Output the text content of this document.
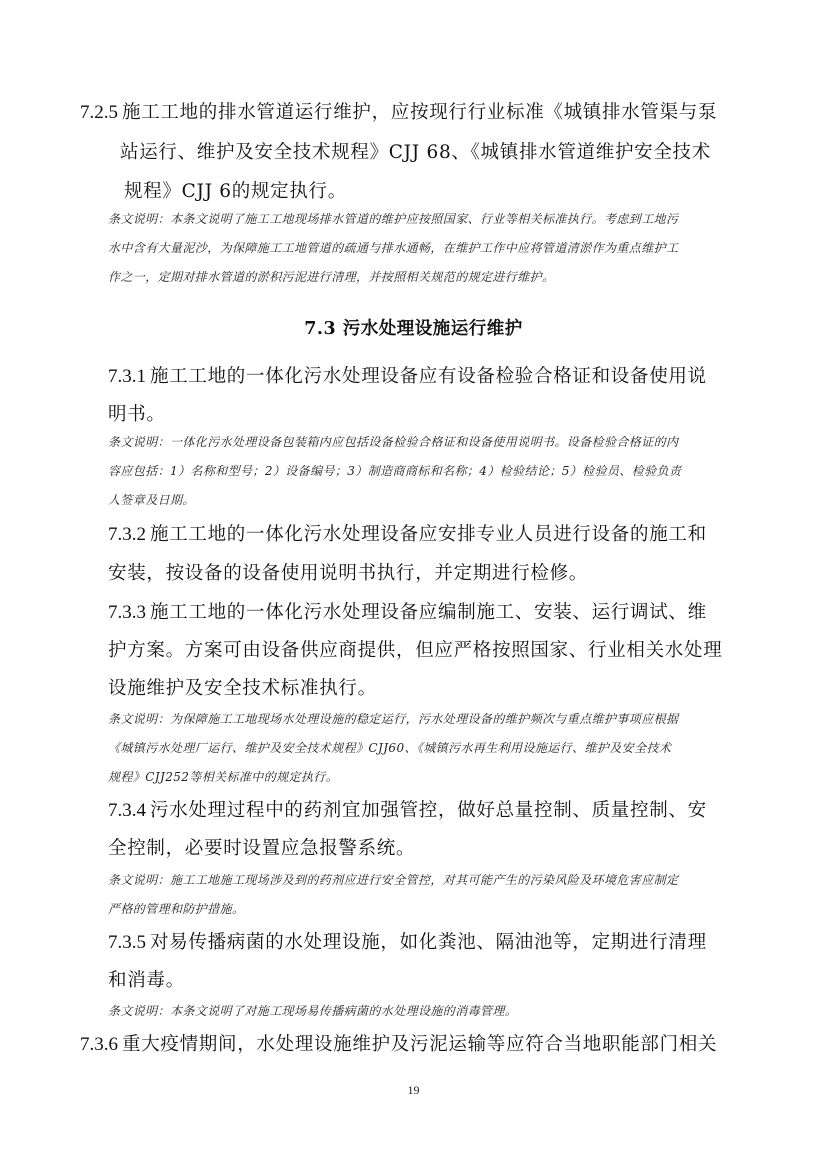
7.2.5 施工工地的排水管道运行维护，应按现行行业标准《城镇排水管渠与泵
站运行、维护及安全技术规程》CJJ 68、《城镇排水管道维护安全技术
规程》CJJ 6的规定执行。
条文说明：本条文说明了施工工地现场排水管道的维护应按照国家、行业等相关标准执行。考虑到工地污
水中含有大量泥沙，为保障施工工地管道的疏通与排水通畅，在维护工作中应将管道清淤作为重点维护工
作之一，定期对排水管道的淤积污泥进行清理，并按照相关规范的规定进行维护。
7.3 污水处理设施运行维护
7.3.1 施工工地的一体化污水处理设备应有设备检验合格证和设备使用说
明书。
条文说明：一体化污水处理设备包装箱内应包括设备检验合格证和设备使用说明书。设备检验合格证的内
容应包括：1）名称和型号；2）设备编号；3）制造商商标和名称；4）检验结论；5）检验员、检验负责
人签章及日期。
7.3.2 施工工地的一体化污水处理设备应安排专业人员进行设备的施工和
安装，按设备的设备使用说明书执行，并定期进行检修。
7.3.3 施工工地的一体化污水处理设备应编制施工、安装、运行调试、维
护方案。方案可由设备供应商提供，但应严格按照国家、行业相关水处理
设施维护及安全技术标准执行。
条文说明：为保障施工工地现场水处理设施的稳定运行，污水处理设备的维护频次与重点维护事项应根据
《城镇污水处理厂运行、维护及安全技术规程》CJJ60、《城镇污水再生利用设施运行、维护及安全技术
规程》CJJ252等相关标准中的规定执行。
7.3.4 污水处理过程中的药剂宜加强管控，做好总量控制、质量控制、安
全控制，必要时设置应急报警系统。
条文说明：施工工地施工现场涉及到的药剂应进行安全管控，对其可能产生的污染风险及环境危害应制定
严格的管理和防护措施。
7.3.5 对易传播病菌的水处理设施，如化粪池、隔油池等，定期进行清理
和消毒。
条文说明：本条文说明了对施工现场易传播病菌的水处理设施的消毒管理。
7.3.6 重大疫情期间，水处理设施维护及污泥运输等应符合当地职能部门相关
19
